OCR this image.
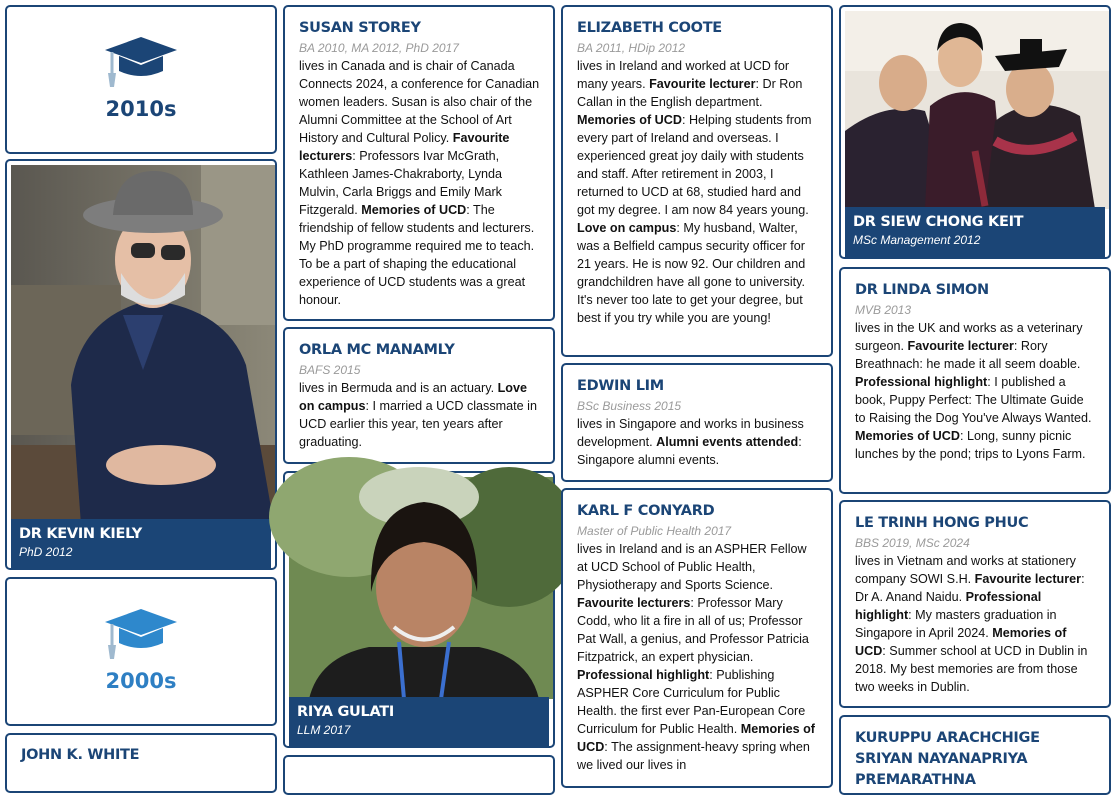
2010s
DR KEVIN KIELY
PhD 2012
2000s
JOHN K. WHITE
SUSAN STOREY
BA 2010, MA 2012, PhD 2017
lives in Canada and is chair of Canada Connects 2024, a conference for Canadian women leaders. Susan is also chair of the Alumni Committee at the School of Art History and Cultural Policy. Favourite lecturers: Professors Ivar McGrath, Kathleen James-Chakraborty, Lynda Mulvin, Carla Briggs and Emily Mark Fitzgerald. Memories of UCD: The friendship of fellow students and lecturers. My PhD programme required me to teach. To be a part of shaping the educational experience of UCD students was a great honour.
ORLA MC MANAMLY
BAFS 2015
lives in Bermuda and is an actuary. Love on campus: I married a UCD classmate in UCD earlier this year, ten years after graduating.
RIYA GULATI
LLM 2017
ELIZABETH COOTE
BA 2011, HDip 2012
lives in Ireland and worked at UCD for many years. Favourite lecturer: Dr Ron Callan in the English department. Memories of UCD: Helping students from every part of Ireland and overseas. I experienced great joy daily with students and staff. After retirement in 2003, I returned to UCD at 68, studied hard and got my degree. I am now 84 years young. Love on campus: My husband, Walter, was a Belfield campus security officer for 21 years. He is now 92. Our children and grandchildren have all gone to university. It's never too late to get your degree, but best if you try while you are young!
EDWIN LIM
BSc Business 2015
lives in Singapore and works in business development. Alumni events attended: Singapore alumni events.
KARL F CONYARD
Master of Public Health 2017
lives in Ireland and is an ASPHER Fellow at UCD School of Public Health, Physiotherapy and Sports Science. Favourite lecturers: Professor Mary Codd, who lit a fire in all of us; Professor Pat Wall, a genius, and Professor Patricia Fitzpatrick, an expert physician. Professional highlight: Publishing ASPHER Core Curriculum for Public Health. the first ever Pan-European Core Curriculum for Public Health. Memories of UCD: The assignment-heavy spring when we lived our lives in
DR SIEW CHONG KEIT
MSc Management 2012
DR LINDA SIMON
MVB 2013
lives in the UK and works as a veterinary surgeon. Favourite lecturer: Rory Breathnach: he made it all seem doable. Professional highlight: I published a book, Puppy Perfect: The Ultimate Guide to Raising the Dog You've Always Wanted. Memories of UCD: Long, sunny picnic lunches by the pond; trips to Lyons Farm.
LE TRINH HONG PHUC
BBS 2019, MSc 2024
lives in Vietnam and works at stationery company SOWI S.H. Favourite lecturer: Dr A. Anand Naidu. Professional highlight: My masters graduation in Singapore in April 2024. Memories of UCD: Summer school at UCD in Dublin in 2018. My best memories are from those two weeks in Dublin.
KURUPPU ARACHCHIGE SRIYAN NAYANAPRIYA PREMARATHNA
